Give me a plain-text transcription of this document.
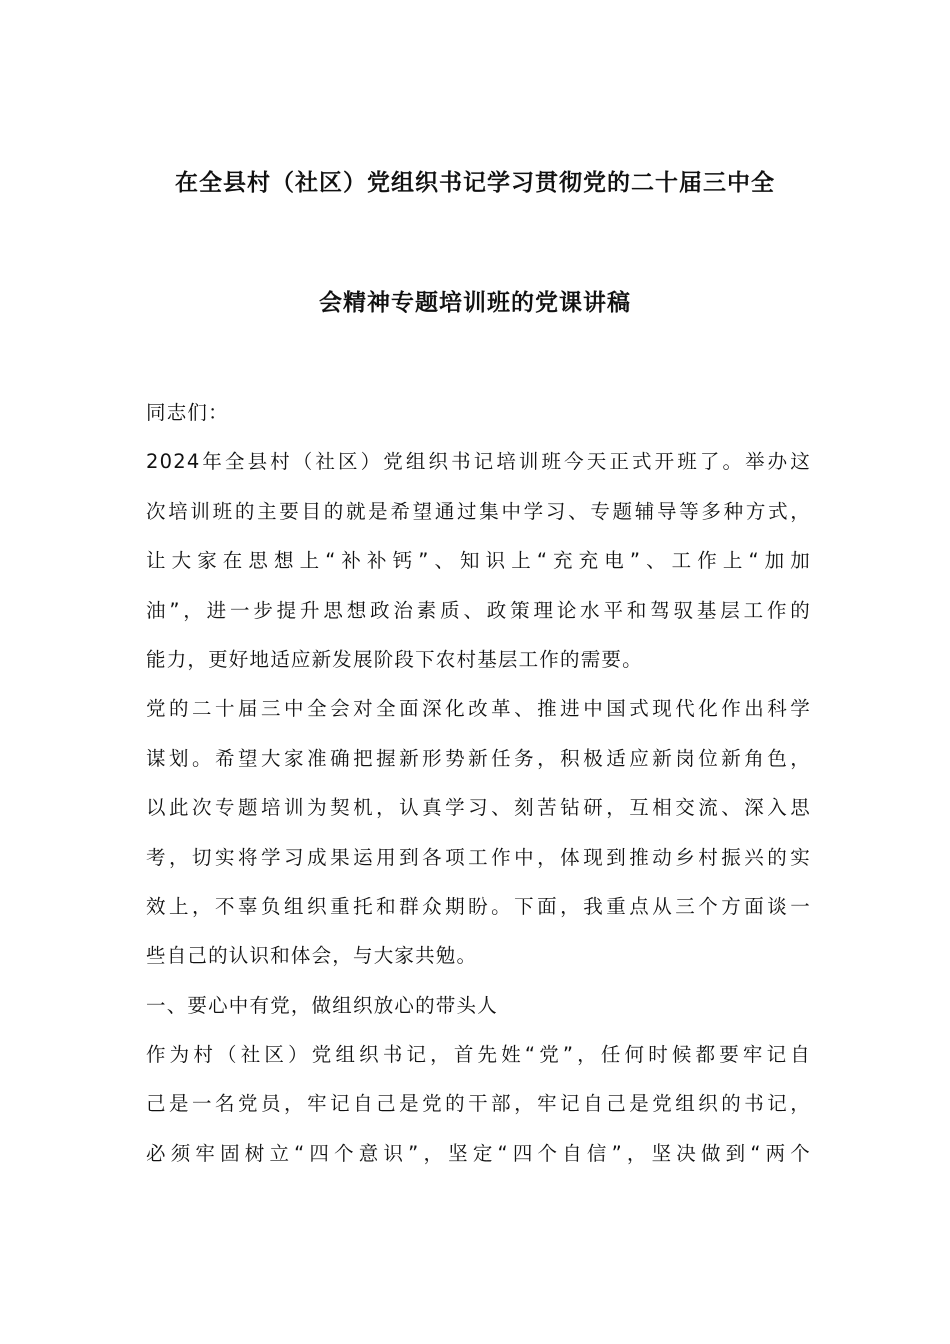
在全县村（社区）党组织书记学习贯彻党的二十届三中全
会精神专题培训班的党课讲稿
同志们：
2024年全县村（社区）党组织书记培训班今天正式开班了。举办这
次培训班的主要目的就是希望通过集中学习、专题辅导等多种方式，
让大家在思想上“补补钙”、知识上“充充电”、工作上“加加
油”，进一步提升思想政治素质、政策理论水平和驾驭基层工作的
能力，更好地适应新发展阶段下农村基层工作的需要。
党的二十届三中全会对全面深化改革、推进中国式现代化作出科学
谋划。希望大家准确把握新形势新任务，积极适应新岗位新角色，
以此次专题培训为契机，认真学习、刻苦钻研，互相交流、深入思
考，切实将学习成果运用到各项工作中，体现到推动乡村振兴的实
效上，不辜负组织重托和群众期盼。下面，我重点从三个方面谈一
些自己的认识和体会，与大家共勉。
一、要心中有党，做组织放心的带头人
作为村（社区）党组织书记，首先姓“党”，任何时候都要牢记自
己是一名党员，牢记自己是党的干部，牢记自己是党组织的书记，
必须牢固树立“四个意识”，坚定“四个自信”，坚决做到“两个
